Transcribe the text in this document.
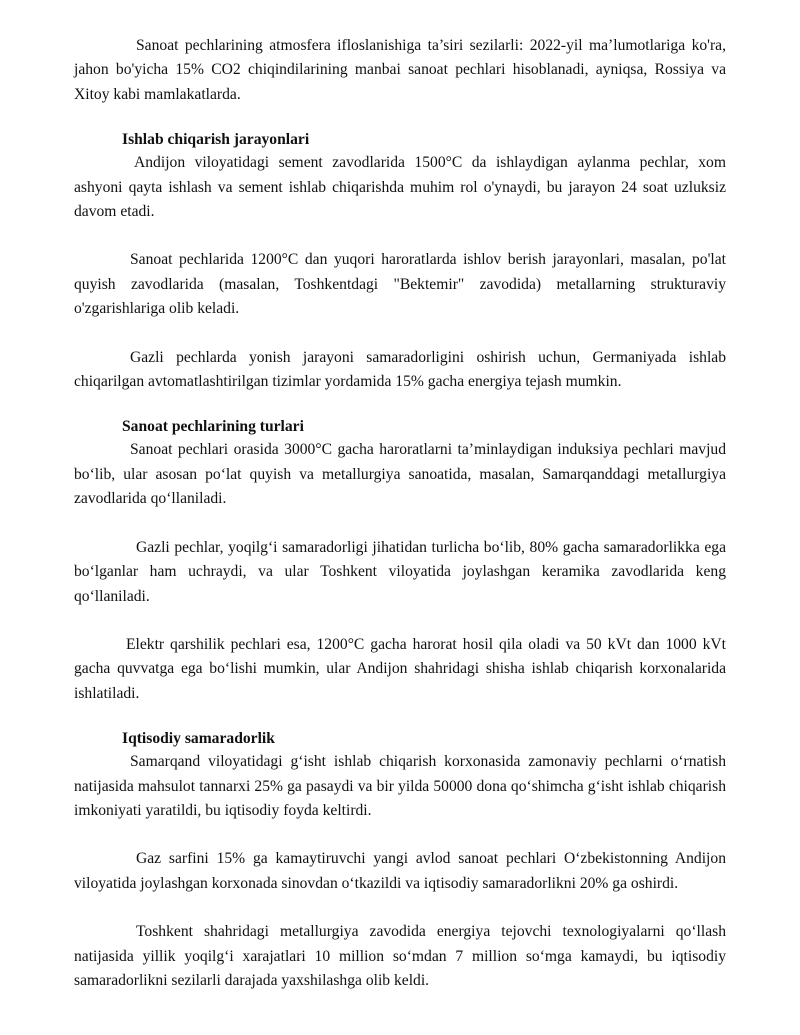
Sanoat pechlarining atmosfera ifloslanishiga ta’siri sezilarli: 2022-yil ma’lumotlariga ko'ra, jahon bo'yicha 15% CO2 chiqindilarining manbai sanoat pechlari hisoblanadi, ayniqsa, Rossiya va Xitoy kabi mamlakatlarda.

Ishlab chiqarish jarayonlari

Andijon viloyatidagi sement zavodlarida 1500°C da ishlaydigan aylanma pechlar, xom ashyoni qayta ishlash va sement ishlab chiqarishda muhim rol o'ynaydi, bu jarayon 24 soat uzluksiz davom etadi.

Sanoat pechlarida 1200°C dan yuqori haroratlarda ishlov berish jarayonlari, masalan, po'lat quyish zavodlarida (masalan, Toshkentdagi "Bektemir" zavodida) metallarning strukturaviy o'zgarishlariga olib keladi.

Gazli pechlarda yonish jarayoni samaradorligini oshirish uchun, Germaniyada ishlab chiqarilgan avtomatlashtirilgan tizimlar yordamida 15% gacha energiya tejash mumkin.

Sanoat pechlarining turlari

Sanoat pechlari orasida 3000°C gacha haroratlarni ta’minlaydigan induksiya pechlari mavjud bo‘lib, ular asosan po‘lat quyish va metallurgiya sanoatida, masalan, Samarqanddagi metallurgiya zavodlarida qo‘llaniladi.

Gazli pechlar, yoqilg‘i samaradorligi jihatidan turlicha bo‘lib, 80% gacha samaradorlikka ega bo‘lganlar ham uchraydi, va ular Toshkent viloyatida joylashgan keramika zavodlarida keng qo‘llaniladi.

Elektr qarshilik pechlari esa, 1200°C gacha harorat hosil qila oladi va 50 kVt dan 1000 kVt gacha quvvatga ega bo‘lishi mumkin, ular Andijon shahridagi shisha ishlab chiqarish korxonalarida ishlatiladi.

Iqtisodiy samaradorlik

Samarqand viloyatidagi g‘isht ishlab chiqarish korxonasida zamonaviy pechlarni o‘rnatish natijasida mahsulot tannarxi 25% ga pasaydi va bir yilda 50000 dona qo‘shimcha g‘isht ishlab chiqarish imkoniyati yaratildi, bu iqtisodiy foyda keltirdi.

Gaz sarfini 15% ga kamaytiruvchi yangi avlod sanoat pechlari O‘zbekistonning Andijon viloyatida joylashgan korxonada sinovdan o‘tkazildi va iqtisodiy samaradorlikni 20% ga oshirdi.

Toshkent shahridagi metallurgiya zavodida energiya tejovchi texnologiyalarni qo‘llash natijasida yillik yoqilg‘i xarajatlari 10 million so‘mdan 7 million so‘mga kamaydi, bu iqtisodiy samaradorlikni sezilarli darajada yaxshilashga olib keldi.
